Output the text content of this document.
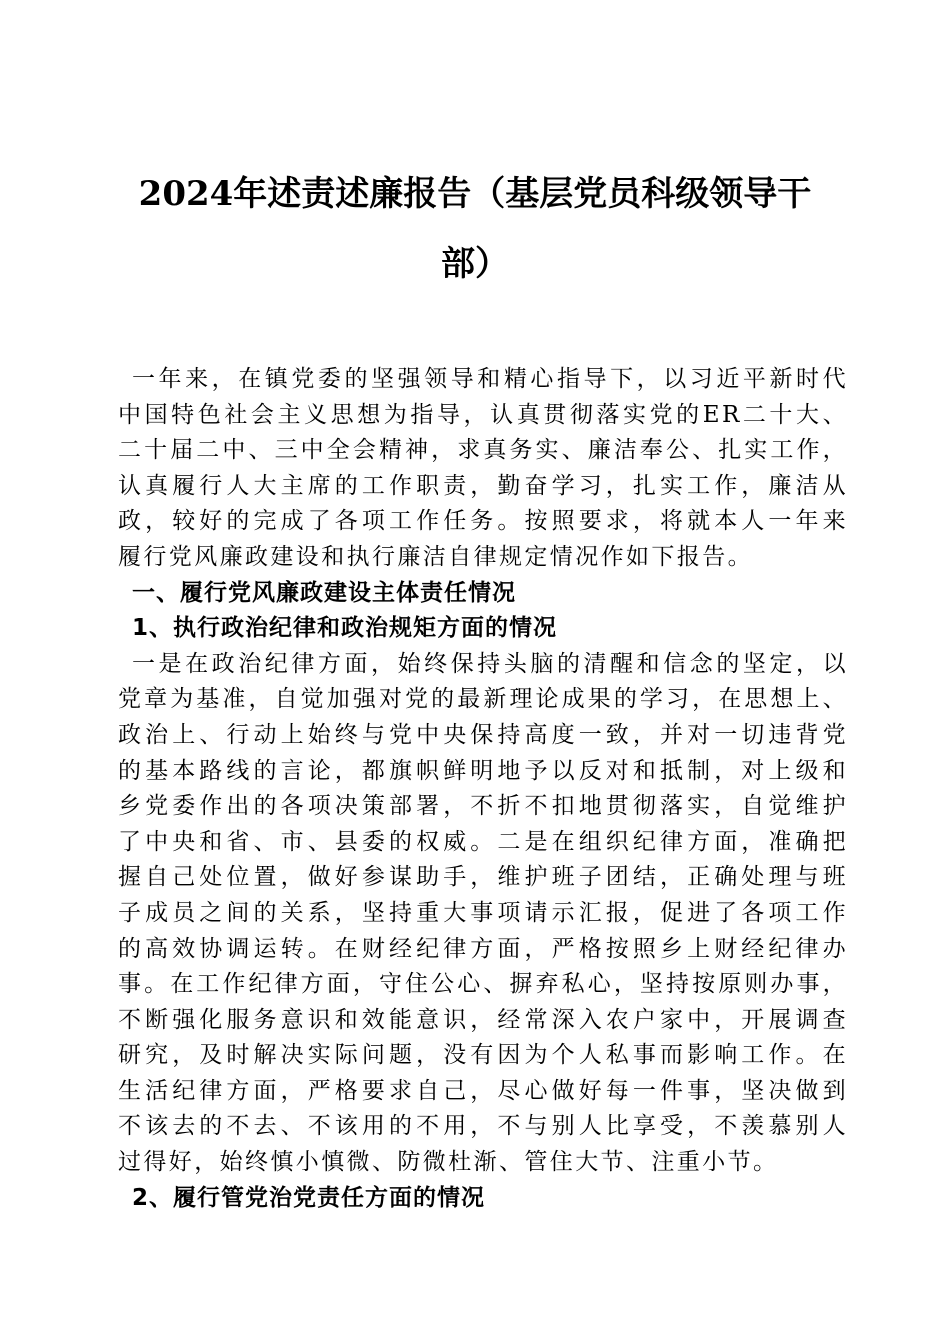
2024年述责述廉报告（基层党员科级领导干
部）
一年来，在镇党委的坚强领导和精心指导下，以习近平新时代
中国特色社会主义思想为指导，认真贯彻落实党的ER二十大、
二十届二中、三中全会精神，求真务实、廉洁奉公、扎实工作，
认真履行人大主席的工作职责，勤奋学习，扎实工作，廉洁从
政，较好的完成了各项工作任务。按照要求，将就本人一年来
履行党风廉政建设和执行廉洁自律规定情况作如下报告。
一、履行党风廉政建设主体责任情况
1、执行政治纪律和政治规矩方面的情况
一是在政治纪律方面，始终保持头脑的清醒和信念的坚定，以
党章为基准，自觉加强对党的最新理论成果的学习，在思想上、
政治上、行动上始终与党中央保持高度一致，并对一切违背党
的基本路线的言论，都旗帜鲜明地予以反对和抵制，对上级和
乡党委作出的各项决策部署，不折不扣地贯彻落实，自觉维护
了中央和省、市、县委的权威。二是在组织纪律方面，准确把
握自己处位置，做好参谋助手，维护班子团结，正确处理与班
子成员之间的关系，坚持重大事项请示汇报，促进了各项工作
的高效协调运转。在财经纪律方面，严格按照乡上财经纪律办
事。在工作纪律方面，守住公心、摒弃私心，坚持按原则办事，
不断强化服务意识和效能意识，经常深入农户家中，开展调查
研究，及时解决实际问题，没有因为个人私事而影响工作。在
生活纪律方面，严格要求自己，尽心做好每一件事，坚决做到
不该去的不去、不该用的不用，不与别人比享受，不羡慕别人
过得好，始终慎小慎微、防微杜渐、管住大节、注重小节。
2、履行管党治党责任方面的情况
